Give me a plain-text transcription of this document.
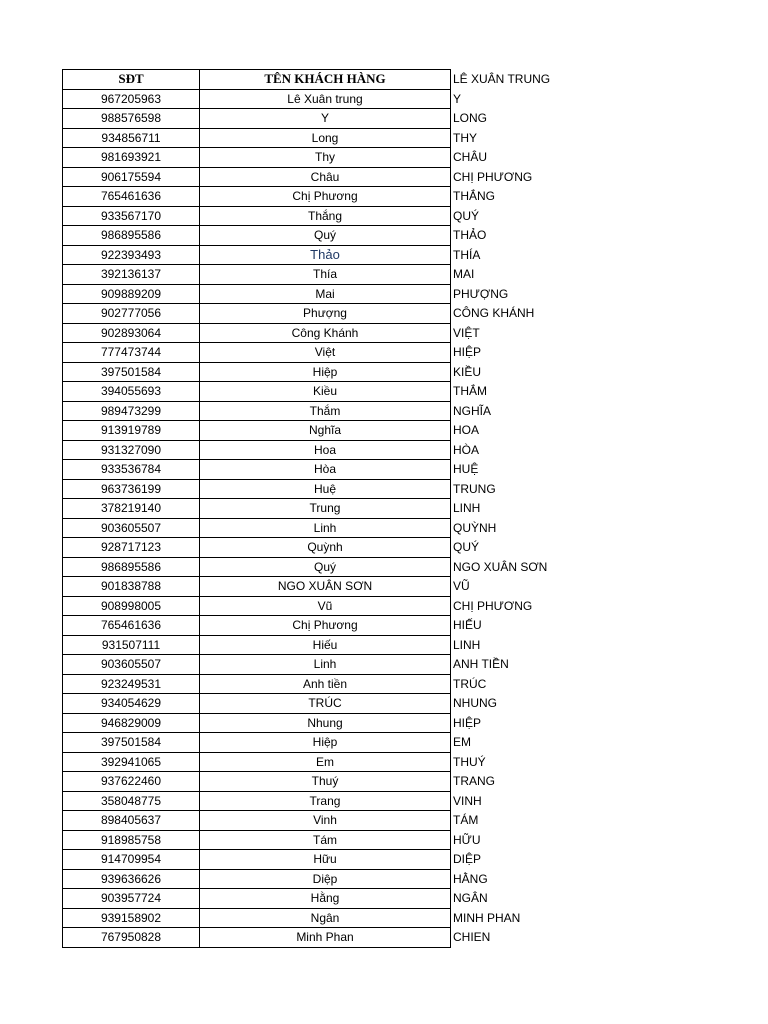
SĐT	TÊN KHÁCH HÀNG	LÊ XUÂN TRUNG
967205963	Lê Xuân trung	Y
988576598	Y	LONG
934856711	Long	THY
981693921	Thy	CHÂU
906175594	Châu	CHỊ PHƯƠNG
765461636	Chị Phương	THẮNG
933567170	Thắng	QUÝ
986895586	Quý	THẢO
922393493	Thảo	THÍA
392136137	Thía	MAI
909889209	Mai	PHƯỢNG
902777056	Phượng	CÔNG KHÁNH
902893064	Công Khánh	VIỆT
777473744	Việt	HIỆP
397501584	Hiệp	KIỀU
394055693	Kiều	THẮM
989473299	Thắm	NGHĨA
913919789	Nghĩa	HOA
931327090	Hoa	HÒA
933536784	Hòa	HUỆ
963736199	Huệ	TRUNG
378219140	Trung	LINH
903605507	Linh	QUỲNH
928717123	Quỳnh	QUÝ
986895586	Quý	NGO XUÂN SƠN
901838788	NGO XUÂN SƠN	VŨ
908998005	Vũ	CHỊ PHƯƠNG
765461636	Chị Phương	HIẾU
931507111	Hiếu	LINH
903605507	Linh	ANH TIỀN
923249531	Anh tiền	TRÚC
934054629	TRÚC	NHUNG
946829009	Nhung	HIỆP
397501584	Hiệp	EM
392941065	Em	THUÝ
937622460	Thuý	TRANG
358048775	Trang	VINH
898405637	Vinh	TÁM
918985758	Tám	HỮU
914709954	Hữu	DIỆP
939636626	Diệp	HẰNG
903957724	Hằng	NGÂN
939158902	Ngân	MINH PHAN
767950828	Minh Phan	CHIEN
